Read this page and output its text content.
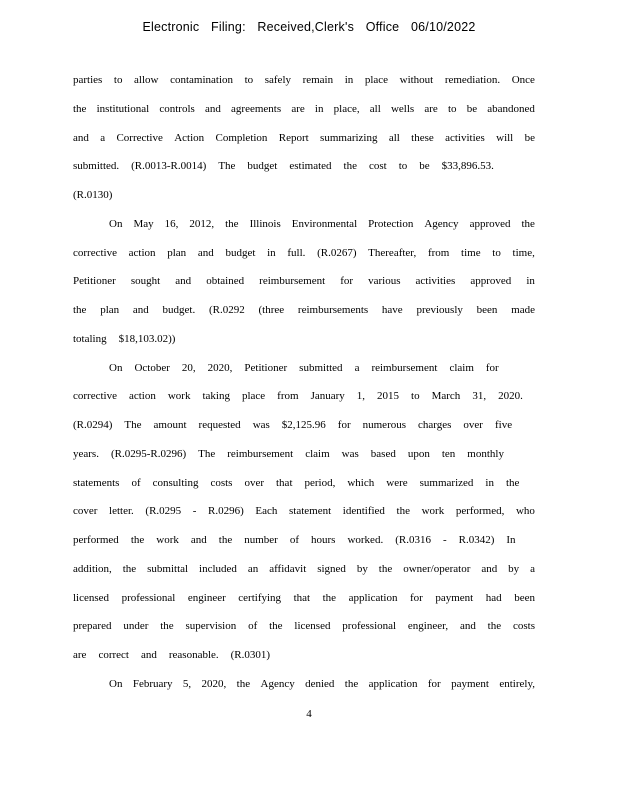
Electronic Filing: Received,Clerk's Office 06/10/2022
parties to allow contamination to safely remain in place without remediation. Once
the institutional controls and agreements are in place, all wells are to be abandoned
and a Corrective Action Completion Report summarizing all these activities will be
submitted. (R.0013-R.0014) The budget estimated the cost to be $33,896.53.
(R.0130)
On May 16, 2012, the Illinois Environmental Protection Agency approved the
corrective action plan and budget in full. (R.0267) Thereafter, from time to time,
Petitioner sought and obtained reimbursement for various activities approved in
the plan and budget. (R.0292 (three reimbursements have previously been made
totaling $18,103.02))
On October 20, 2020, Petitioner submitted a reimbursement claim for
corrective action work taking place from January 1, 2015 to March 31, 2020.
(R.0294) The amount requested was $2,125.96 for numerous charges over five
years. (R.0295-R.0296) The reimbursement claim was based upon ten monthly
statements of consulting costs over that period, which were summarized in the
cover letter. (R.0295 - R.0296) Each statement identified the work performed, who
performed the work and the number of hours worked. (R.0316 - R.0342) In
addition, the submittal included an affidavit signed by the owner/operator and by a
licensed professional engineer certifying that the application for payment had been
prepared under the supervision of the licensed professional engineer, and the costs
are correct and reasonable. (R.0301)
On February 5, 2020, the Agency denied the application for payment entirely,
4
